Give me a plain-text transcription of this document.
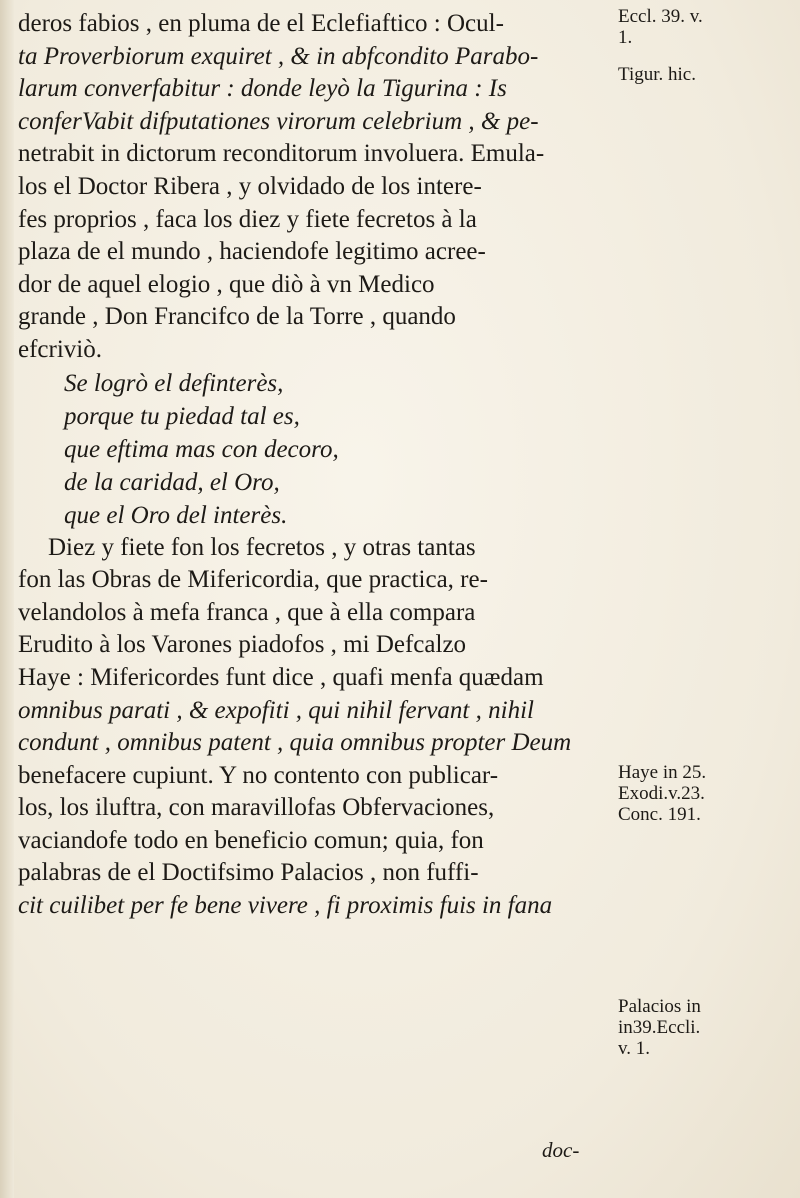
deros fabios , en pluma de el Eclefiaftico : Ocul-
ta Proverbiorum exquiret , & in abfcondito Parabo-
larum converfabitur : donde leyò la Tigurina : Is
conferVabit difputationes virorum celebrium , & pe-
netrabit in dictorum reconditorum involuera. Emula-
los el Doctor Ribera , y olvidado de los intere-
fes proprios , faca los diez y fiete fecretos à la
plaza de el mundo , haciendofe legitimo acree-
dor de aquel elogio , que diò à vn Medico
grande , Don Francifco de la Torre , quando
efcriviò.
Se logrò el definterès,
porque tu piedad tal es,
que eftima mas con decoro,
de la caridad, el Oro,
que el Oro del interès.
Diez y fiete fon los fecretos , y otras tantas
fon las Obras de Mifericordia, que practica, re-
velandolos à mefa franca , que à ella compara
Erudito à los Varones piadofos , mi Defcalzo
Haye : Mifericordes funt dice , quafi menfa quædam
omnibus parati , & expofiti , qui nihil fervant , nihil
condunt , omnibus patent , quia omnibus propter Deum
benefacere cupiunt. Y no contento con publicar-
los, los iluftra, con maravillofas Obfervaciones,
vaciandofe todo en beneficio comun; quia, fon
palabras de el Doctifsimo Palacios , non fuffi-
cit cuilibet per fe bene vivere , fi proximis fuis in fana
doc-
Eccl. 39. v.
1.
Tigur. hic.
Haye in 25.
Exodi.v.23.
Conc. 191.
Palacios in
in39.Eccli.
v. 1.
